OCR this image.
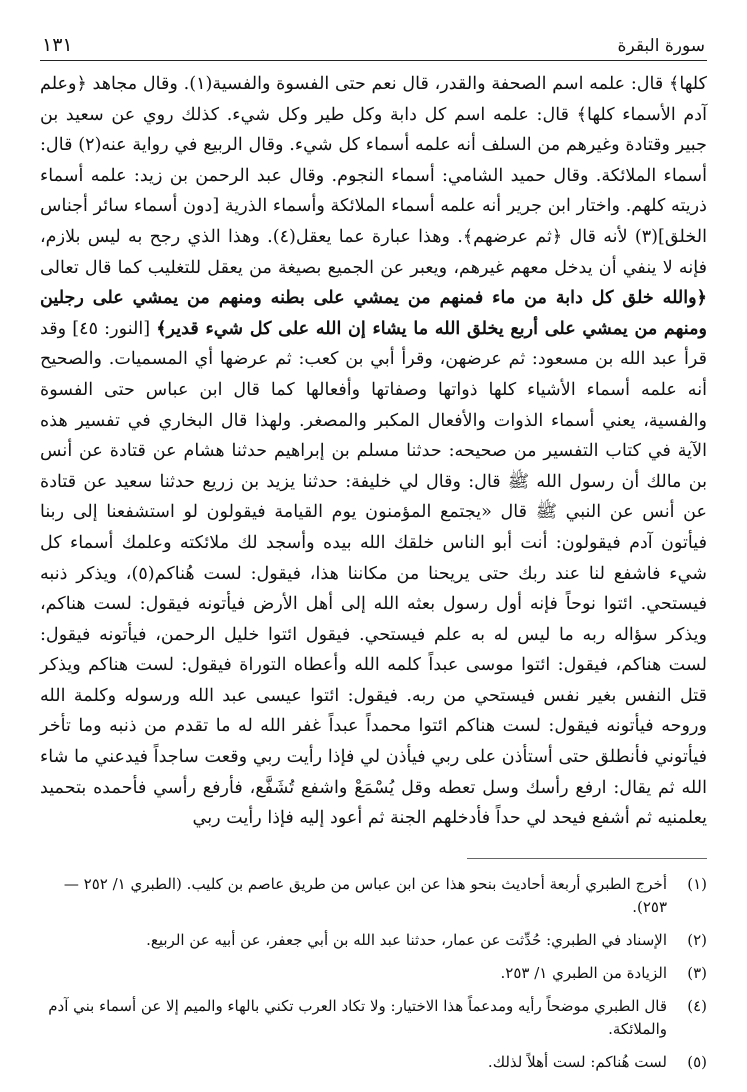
سورة البقرة
١٣١

كلها﴾ قال: علمه اسم الصحفة والقدر، قال نعم حتى الفسوة والفسية(١). وقال مجاهد ﴿وعلم آدم الأسماء كلها﴾ قال: علمه اسم كل دابة وكل طير وكل شيء. كذلك روي عن سعيد بن جبير وقتادة وغيرهم من السلف أنه علمه أسماء كل شيء. وقال الربيع في رواية عنه(٢) قال: أسماء الملائكة. وقال حميد الشامي: أسماء النجوم. وقال عبد الرحمن بن زيد: علمه أسماء ذريته كلهم. واختار ابن جرير أنه علمه أسماء الملائكة وأسماء الذرية [دون أسماء سائر أجناس الخلق](٣) لأنه قال ﴿ثم عرضهم﴾. وهذا عبارة عما يعقل(٤). وهذا الذي رجح به ليس بلازم، فإنه لا ينفي أن يدخل معهم غيرهم، ويعبر عن الجميع بصيغة من يعقل للتغليب كما قال تعالى ﴿والله خلق كل دابة من ماء فمنهم من يمشي على بطنه ومنهم من يمشي على رجلين ومنهم من يمشي على أربع يخلق الله ما يشاء إن الله على كل شيء قدير﴾ [النور: ٤٥] وقد قرأ عبد الله بن مسعود: ثم عرضهن، وقرأ أبي بن كعب: ثم عرضها أي المسميات. والصحيح أنه علمه أسماء الأشياء كلها ذواتها وصفاتها وأفعالها كما قال ابن عباس حتى الفسوة والفسية، يعني أسماء الذوات والأفعال المكبر والمصغر. ولهذا قال البخاري في تفسير هذه الآية في كتاب التفسير من صحيحه: حدثنا مسلم بن إبراهيم حدثنا هشام عن قتادة عن أنس بن مالك أن رسول الله ﷺ قال: وقال لي خليفة: حدثنا يزيد بن زريع حدثنا سعيد عن قتادة عن أنس عن النبي ﷺ قال «يجتمع المؤمنون يوم القيامة فيقولون لو استشفعنا إلى ربنا فيأتون آدم فيقولون: أنت أبو الناس خلقك الله بيده وأسجد لك ملائكته وعلمك أسماء كل شيء فاشفع لنا عند ربك حتى يريحنا من مكاننا هذا، فيقول: لست هُناكم(٥)، ويذكر ذنبه فيستحي. ائتوا نوحاً فإنه أول رسول بعثه الله إلى أهل الأرض فيأتونه فيقول: لست هناكم، ويذكر سؤاله ربه ما ليس له به علم فيستحي. فيقول ائتوا خليل الرحمن، فيأتونه فيقول: لست هناكم، فيقول: ائتوا موسى عبداً كلمه الله وأعطاه التوراة فيقول: لست هناكم ويذكر قتل النفس بغير نفس فيستحي من ربه. فيقول: ائتوا عيسى عبد الله ورسوله وكلمة الله وروحه فيأتونه فيقول: لست هناكم ائتوا محمداً عبداً غفر الله له ما تقدم من ذنبه وما تأخر فيأتوني فأنطلق حتى أستأذن على ربي فيأذن لي فإذا رأيت ربي وقعت ساجداً فيدعني ما شاء الله ثم يقال: ارفع رأسك وسل تعطه وقل يُسْمَعْ واشفع تُشَفَّع، فأرفع رأسي فأحمده بتحميد يعلمنيه ثم أشفع فيحد لي حداً فأدخلهم الجنة ثم أعود إليه فإذا رأيت ربي

(١)
أخرج الطبري أربعة أحاديث بنحو هذا عن ابن عباس من طريق عاصم بن كليب. (الطبري ١/ ٢٥٢ — ٢٥٣).
(٢)
الإسناد في الطبري: حُدِّثت عن عمار، حدثنا عبد الله بن أبي جعفر، عن أبيه عن الربيع.
(٣)
الزيادة من الطبري ١/ ٢٥٣.
(٤)
قال الطبري موضحاً رأيه ومدعماً هذا الاختيار: ولا تكاد العرب تكني بالهاء والميم إلا عن أسماء بني آدم والملائكة.
(٥)
لست هُناكم: لست أهلاً لذلك.
